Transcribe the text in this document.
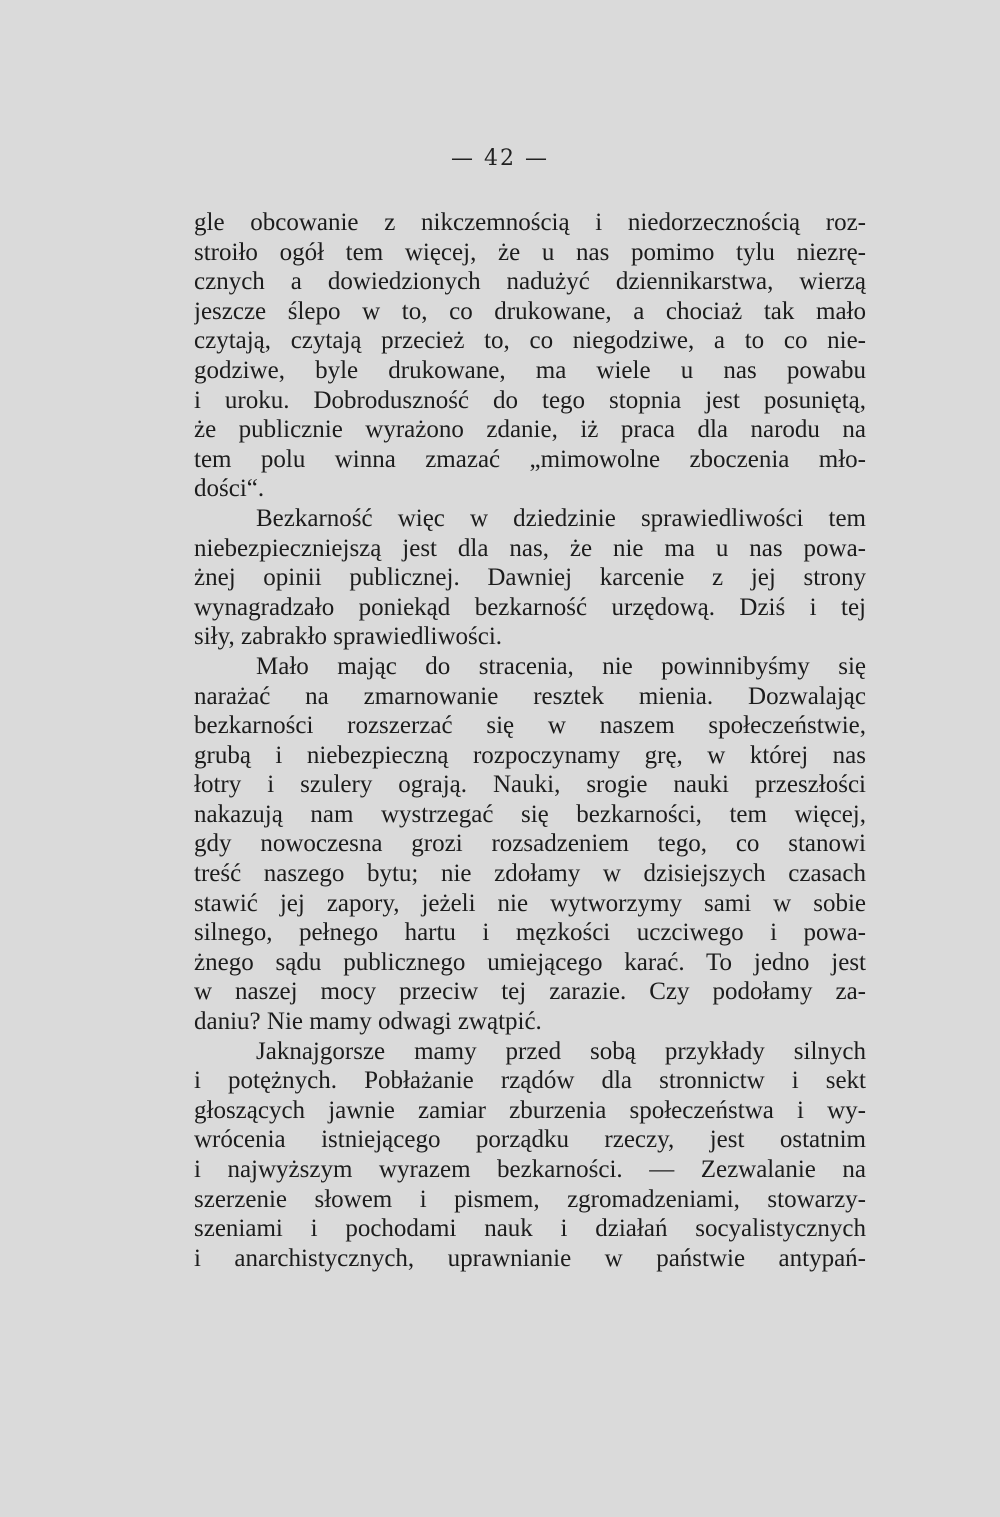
— 42 —
gle obcowanie z nikczemnością i niedorzecznością roz-
stroiło ogół tem więcej, że u nas pomimo tylu niezrę-
cznych a dowiedzionych nadużyć dziennikarstwa, wierzą
jeszcze ślepo w to, co drukowane, a chociaż tak mało
czytają, czytają przecież to, co niegodziwe, a to co nie-
godziwe, byle drukowane, ma wiele u nas powabu
i uroku. Dobroduszność do tego stopnia jest posuniętą,
że publicznie wyrażono zdanie, iż praca dla narodu na
tem polu winna zmazać „mimowolne zboczenia mło-
dości“.
Bezkarność więc w dziedzinie sprawiedliwości tem
niebezpieczniejszą jest dla nas, że nie ma u nas powa-
żnej opinii publicznej. Dawniej karcenie z jej strony
wynagradzało poniekąd bezkarność urzędową. Dziś i tej
siły, zabrakło sprawiedliwości.
Mało mając do stracenia, nie powinnibyśmy się
narażać na zmarnowanie resztek mienia. Dozwalając
bezkarności rozszerzać się w naszem społeczeństwie,
grubą i niebezpieczną rozpoczynamy grę, w której nas
łotry i szulery ograją. Nauki, srogie nauki przeszłości
nakazują nam wystrzegać się bezkarności, tem więcej,
gdy nowoczesna grozi rozsadzeniem tego, co stanowi
treść naszego bytu; nie zdołamy w dzisiejszych czasach
stawić jej zapory, jeżeli nie wytworzymy sami w sobie
silnego, pełnego hartu i męzkości uczciwego i powa-
żnego sądu publicznego umiejącego karać. To jedno jest
w naszej mocy przeciw tej zarazie. Czy podołamy za-
daniu? Nie mamy odwagi zwątpić.
Jaknajgorsze mamy przed sobą przykłady silnych
i potężnych. Pobłażanie rządów dla stronnictw i sekt
głoszących jawnie zamiar zburzenia społeczeństwa i wy-
wrócenia istniejącego porządku rzeczy, jest ostatnim
i najwyższym wyrazem bezkarności. — Zezwalanie na
szerzenie słowem i pismem, zgromadzeniami, stowarzy-
szeniami i pochodami nauk i działań socyalistycznych
i anarchistycznych, uprawnianie w państwie antypań-
